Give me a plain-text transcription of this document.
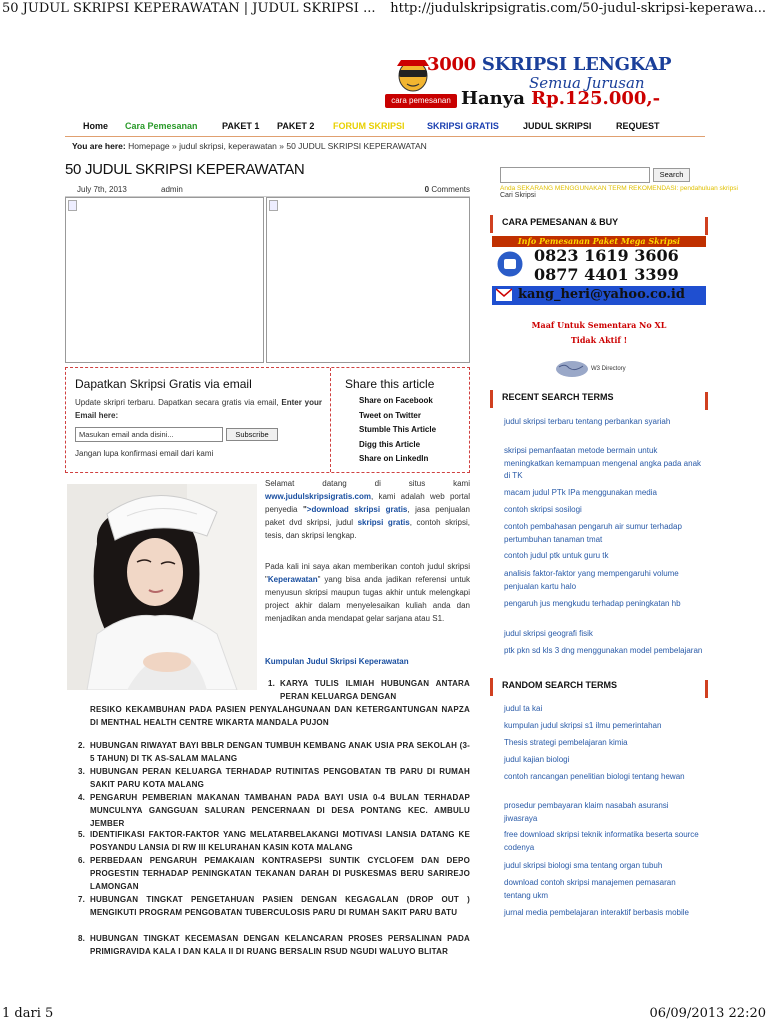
50 JUDUL SKRIPSI KEPERAWATAN | JUDUL SKRIPSI ... http://judulskripsigratis.com/50-judul-skripsi-keperawa...
3000 SKRIPSI LENGKAP
Semua Jurusan
Hanya Rp.125.000,-
cara pemesanan
Home Cara Pemesanan	PAKET 1 PAKET 2 FORUM SKRIPSI SKRIPSI GRATIS	JUDUL SKRIPSI	REQUEST
You are here: Homepage » judul skripsi, keperawatan » 50 JUDUL SKRIPSI KEPERAWATAN
50 JUDUL SKRIPSI KEPERAWATAN
July 7th, 2013	admin	0 Comments
Dapatkan Skripsi Gratis via email
Update skripri terbaru. Dapatkan secara gratis via email, Enter your Email here:
Masukan email anda disini...
Subscribe
Jangan lupa konfirmasi email dari kami
Share this article
Share on Facebook
Tweet on Twitter
Stumble This Article
Digg this Article
Share on LinkedIn
Selamat datang di situs kami www.judulskripsigratis.com, kami adalah web portal penyedia ">download skripsi gratis, jasa penjualan paket dvd skripsi, judul skripsi gratis, contoh skripsi, tesis, dan skripsi lengkap.
Pada kali ini saya akan memberikan contoh judul skripsi "Keperawatan" yang bisa anda jadikan referensi untuk menyusun skripsi maupun tugas akhir untuk melengkapi project akhir dalam menyelesaikan kuliah anda dan menjadikan anda mendapat gelar sarjana atau S1.
Kumpulan Judul Skripsi Keperawatan
1. KARYA TULIS ILMIAH HUBUNGAN ANTARA PERAN KELUARGA DENGAN
RESIKO KEKAMBUHAN PADA PASIEN PENYALAHGUNAAN DAN KETERGANTUNGAN NAPZA DI MENTHAL HEALTH CENTRE WIKARTA MANDALA PUJON
2. HUBUNGAN RIWAYAT BAYI BBLR DENGAN TUMBUH KEMBANG ANAK USIA PRA SEKOLAH (3-5 TAHUN) DI TK AS-SALAM MALANG
3. HUBUNGAN PERAN KELUARGA TERHADAP RUTINITAS PENGOBATAN TB PARU DI RUMAH SAKIT PARU KOTA MALANG
4. PENGARUH PEMBERIAN MAKANAN TAMBAHAN PADA BAYI USIA 0-4 BULAN TERHADAP MUNCULNYA GANGGUAN SALURAN PENCERNAAN DI DESA PONTANG KEC. AMBULU JEMBER
5. IDENTIFIKASI FAKTOR-FAKTOR YANG MELATARBELAKANGI MOTIVASI LANSIA DATANG KE POSYANDU LANSIA DI RW III KELURAHAN KASIN KOTA MALANG
6. PERBEDAAN PENGARUH PEMAKAIAN KONTRASEPSI SUNTIK CYCLOFEM DAN DEPO PROGESTIN TERHADAP PENINGKATAN TEKANAN DARAH DI PUSKESMAS BERU SARIREJO LAMONGAN
7. HUBUNGAN TINGKAT PENGETAHUAN PASIEN DENGAN KEGAGALAN (DROP OUT ) MENGIKUTI PROGRAM PENGOBATAN TUBERCULOSIS PARU DI RUMAH SAKIT PARU BATU
8. HUBUNGAN TINGKAT KECEMASAN DENGAN KELANCARAN PROSES PERSALINAN PADA PRIMIGRAVIDA KALA I DAN KALA II DI RUANG BERSALIN RSUD NGUDI WALUYO BLITAR
Search
Anda SEKARANG MENGGUNAKAN TERM REKOMENDASI: pendahuluan skripsi
Cari Skripsi
CARA PEMESANAN & BUY
RECENT SEARCH TERMS
RANDOM SEARCH TERMS
Info Pemesanan Paket Mega Skripsi
0823 1619 3606
0877 4401 3399
kang_heri@yahoo.co.id
Maaf Untuk Sementara No XL
Tidak Aktif !
W3 Directory
judul skripsi terbaru tentang perbankan syariah
skripsi pemanfaatan metode bermain untuk meningkatkan kemampuan mengenal angka pada anak di TK
macam judul PTk IPa menggunakan media
contoh skripsi sosilogi
contoh pembahasan pengaruh air sumur terhadap pertumbuhan tanaman tmat
contoh judul ptk untuk guru tk
analisis faktor-faktor yang mempengaruhi volume penjualan kartu halo
pengaruh jus mengkudu terhadap peningkatan hb
judul skripsi geografi fisik
ptk pkn sd kls 3 dng menggunakan model pembelajaran
judul ta kai
kumpulan judul skripsi s1 ilmu pemerintahan
Thesis strategi pembelajaran kimia
judul kajian biologi
contoh rancangan penelitian biologi tentang hewan
prosedur pembayaran klaim nasabah asuransi jiwasraya
free download skripsi teknik informatika beserta source codenya
judul skripsi biologi sma tentang organ tubuh
download contoh skripsi manajemen pemasaran tentang ukm
jurnal media pembelajaran interaktif berbasis mobile
1 dari 5	06/09/2013 22:20
